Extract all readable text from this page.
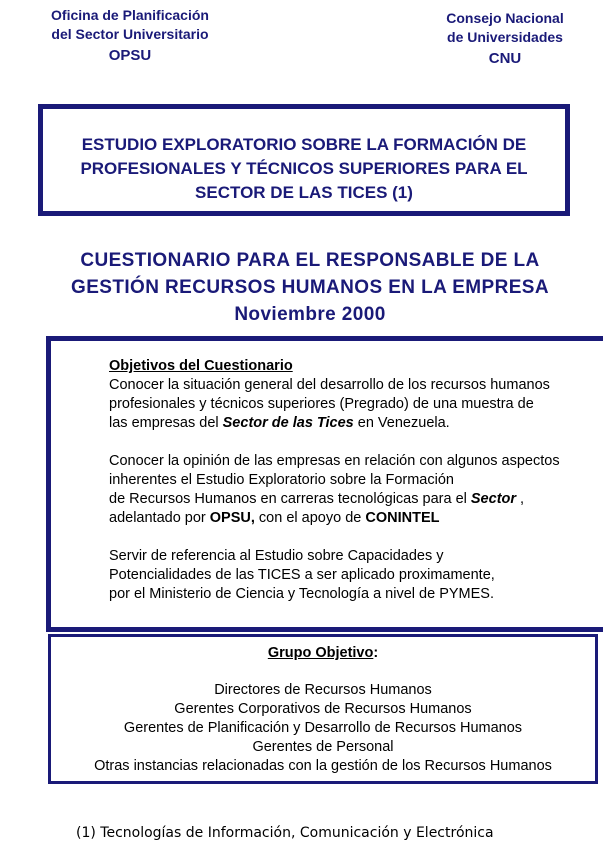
Oficina de Planificación
del Sector Universitario
OPSU
Consejo Nacional
de Universidades
CNU
ESTUDIO EXPLORATORIO SOBRE LA FORMACIÓN DE
PROFESIONALES Y TÉCNICOS SUPERIORES PARA EL
SECTOR DE LAS TICES (1)
CUESTIONARIO PARA EL RESPONSABLE DE LA
GESTIÓN RECURSOS HUMANOS EN LA EMPRESA
Noviembre 2000

Objetivos del Cuestionario

Conocer la situación general del desarrollo de los recursos humanos

profesionales y técnicos superiores (Pregrado) de una muestra de

las empresas del Sector de las Tices en Venezuela.

Conocer la opinión de las empresas en relación con algunos aspectos

inherentes el Estudio Exploratorio sobre la Formación

de Recursos Humanos en carreras tecnológicas para el Sector ,

adelantado por OPSU, con el apoyo de CONINTEL

Servir de referencia al Estudio sobre Capacidades y

Potencialidades de las TICES a ser aplicado proximamente,

por el Ministerio de Ciencia y Tecnología a nivel de PYMES.

Grupo Objetivo:
Directores de Recursos Humanos
Gerentes Corporativos de Recursos Humanos
Gerentes de Planificación y Desarrollo de Recursos Humanos
Gerentes de Personal
Otras instancias relacionadas con la gestión de los Recursos Humanos
(1) Tecnologías de Información, Comunicación y Electrónica
